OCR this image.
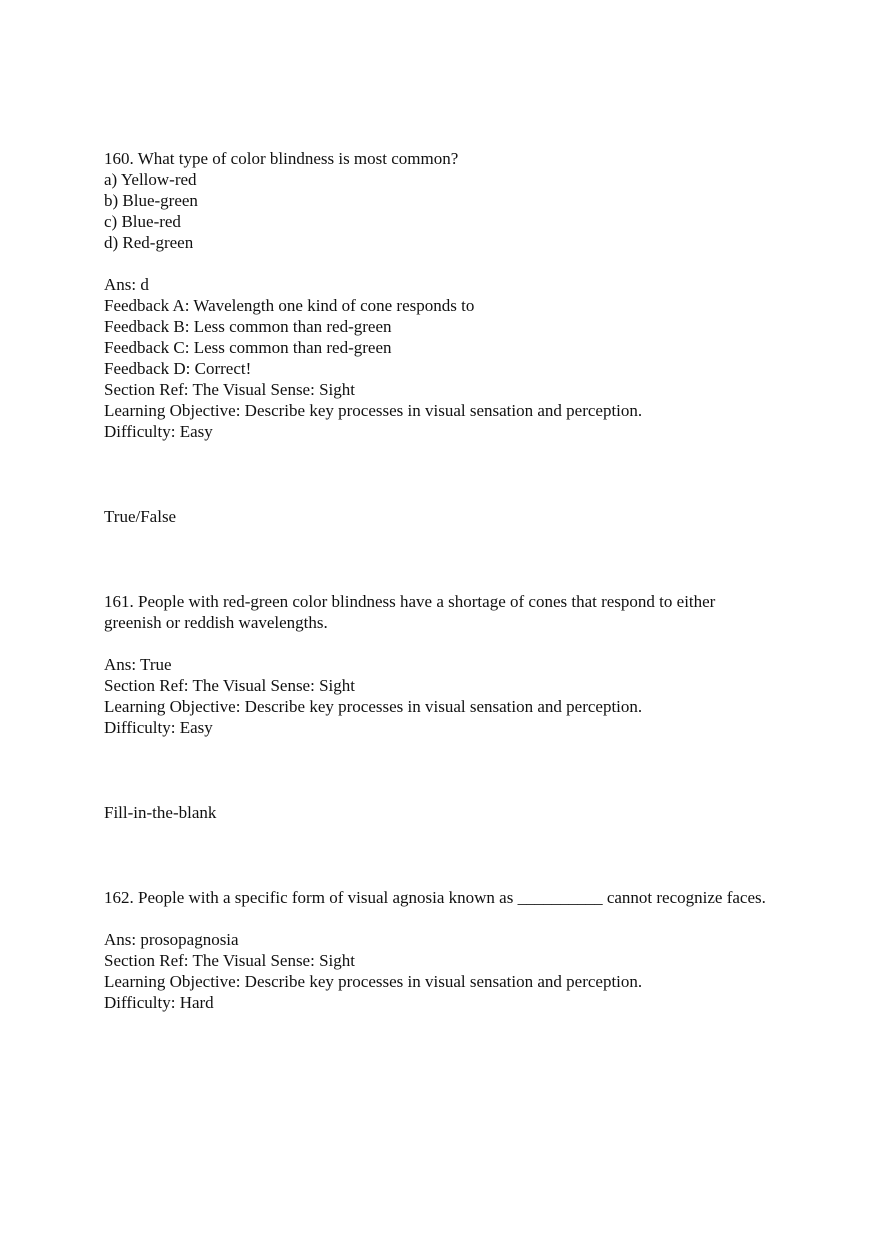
160. What type of color blindness is most common?
a) Yellow-red
b) Blue-green
c) Blue-red
d) Red-green
Ans: d
Feedback A: Wavelength one kind of cone responds to
Feedback B: Less common than red-green
Feedback C: Less common than red-green
Feedback D: Correct!
Section Ref: The Visual Sense: Sight
Learning Objective: Describe key processes in visual sensation and perception.
Difficulty: Easy
True/False
161. People with red-green color blindness have a shortage of cones that respond to either greenish or reddish wavelengths.
Ans: True
Section Ref: The Visual Sense: Sight
Learning Objective: Describe key processes in visual sensation and perception.
Difficulty: Easy
Fill-in-the-blank
162. People with a specific form of visual agnosia known as __________ cannot recognize faces.
Ans: prosopagnosia
Section Ref: The Visual Sense: Sight
Learning Objective: Describe key processes in visual sensation and perception.
Difficulty: Hard
